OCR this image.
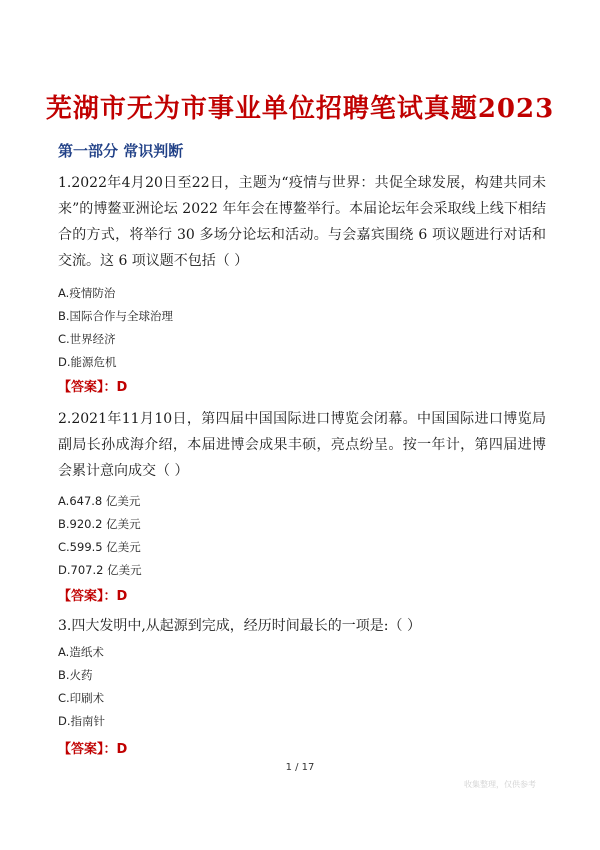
芜湖市无为市事业单位招聘笔试真题2023
第一部分 常识判断
1.2022年4月20日至22日，主题为“疫情与世界：共促全球发展，构建共同未来”的博鳌亚洲论坛 2022 年年会在博鳌举行。本届论坛年会采取线上线下相结合的方式，将举行 30 多场分论坛和活动。与会嘉宾围绕 6 项议题进行对话和交流。这 6 项议题不包括（ ）
A.疫情防治
B.国际合作与全球治理
C.世界经济
D.能源危机
【答案】：D
2.2021年11月10日，第四届中国国际进口博览会闭幕。中国国际进口博览局副局长孙成海介绍，本届进博会成果丰硕，亮点纷呈。按一年计，第四届进博会累计意向成交（ ）
A.647.8 亿美元
B.920.2 亿美元
C.599.5 亿美元
D.707.2 亿美元
【答案】：D
3.四大发明中,从起源到完成，经历时间最长的一项是:（ ）
A.造纸术
B.火药
C.印刷术
D.指南针
【答案】：D
1 / 17
收集整理，仅供参考
